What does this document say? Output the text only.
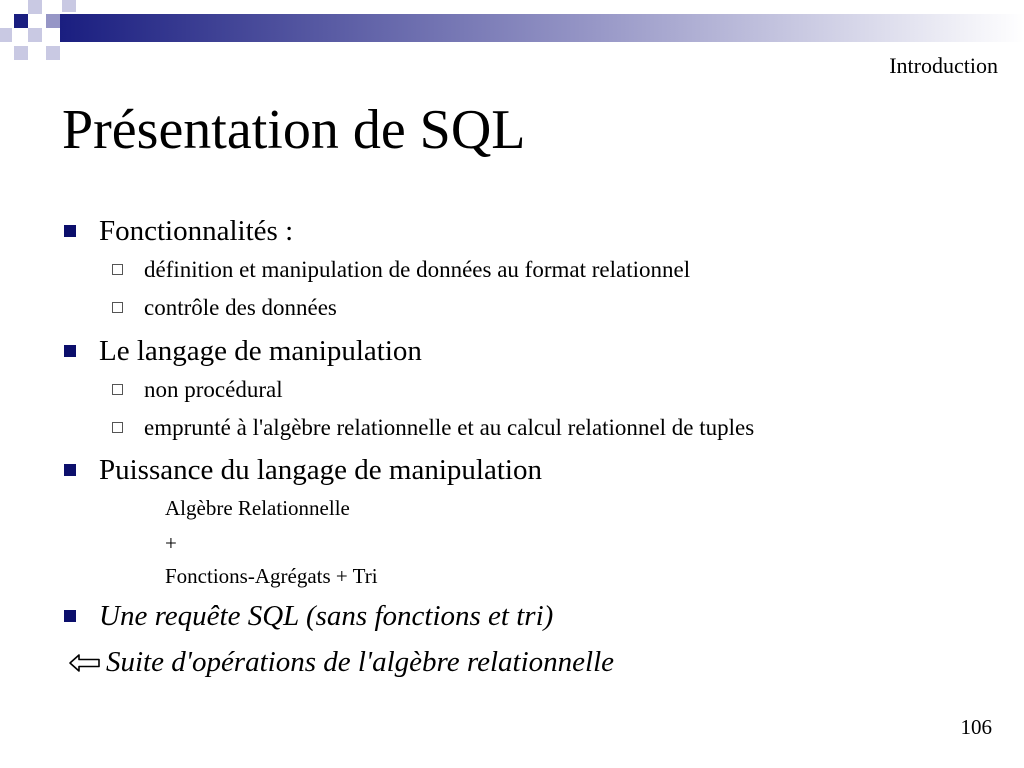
Introduction
Présentation de SQL
Fonctionnalités :
définition et manipulation de données au format relationnel
contrôle des données
Le langage de manipulation
non procédural
emprunté à l'algèbre relationnelle et au calcul relationnel de tuples
Puissance du langage de manipulation
Algèbre Relationnelle
+
Fonctions-Agrégats + Tri
Une requête SQL (sans fonctions et tri)
Suite d'opérations de l'algèbre relationnelle
106
